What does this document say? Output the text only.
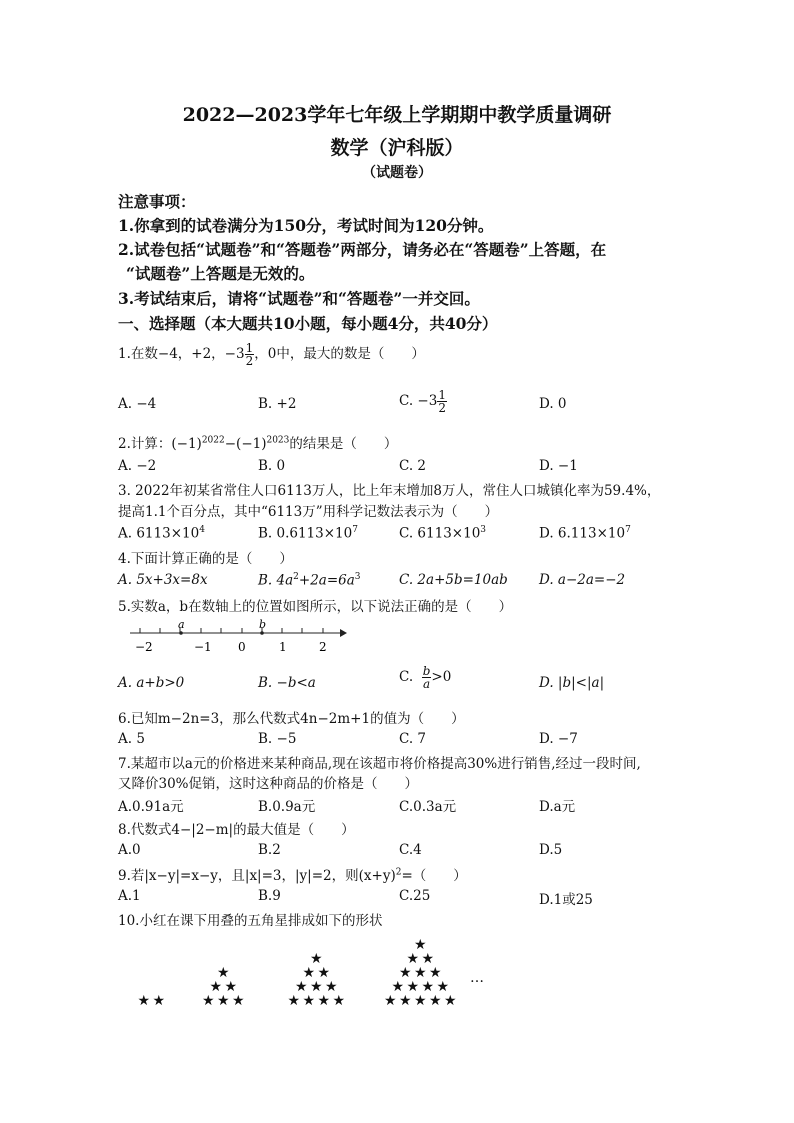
2022—2023学年七年级上学期期中教学质量调研
数学（沪科版）
（试题卷）
注意事项：
1.你拿到的试卷满分为150分，考试时间为120分钟。
2.试卷包括“试题卷”和“答题卷”两部分，请务必在“答题卷”上答题，在
“试题卷”上答题是无效的。
3.考试结束后，请将“试题卷”和“答题卷”一并交回。
一、选择题（本大题共10小题，每小题4分，共40分）
1.在数−4，+2，$-3 \frac{1}{2}$ ，0中，最大的数是（　　）
A. −4	B. +2	C. $-3 \frac{1}{2}$	D. 0
2.计算：$(-1)^{2022}-(-1)^{2023}$的结果是（　　）
A. −2	B. 0	C. 2	D. −1
3. 2022年初某省常住人口6113万人，比上年末增加8万人，常住人口城镇化率为59.4%，
提高1.1个百分点，其中“6113万”用科学记数法表示为（　　）
A. $6113\times 10^4$	B. $0.6113\times 10^7$	C. $6113\times 10^3$	D. $6.113\times 10^7$
4.下面计算正确的是（　　）
A. 5x+3x=8x	B. $4a^2+2a=6a^3$	C. 2a+5b=10ab D. a−2a=−2
5.实数a，b在数轴上的位置如图所示，以下说法正确的是（　　）
a	b
−2	−1 0	1	2
A. a+b>0	B. −b<a	C. $\frac{b}{a} >0$	D. |b|<|a|
6.已知m−2n=3，那么代数式4n−2m+1的值为（　　）
A. 5	B. −5	C. 7	D. −7
7.某超市以a元的价格进来某种商品,现在该超市将价格提高30%进行销售,经过一段时间,
又降价30%促销，这时这种商品的价格是（　　）
A.0.91a元	B.0.9a元	C.0.3a元	D.a元
8.代数式4−|2−m|的最大值是（　　）
A.0	B.2	C.4	D.5
9.若|x−y|=x−y，且|x|=3，|y|=2，则$(x+y)^2=$（　　）
A.1	B.9	C.25	D.1或25
10.小红在课下用叠的五角星排成如下的形状
★ ★
★
★ ★
★ ★ ★
★
★ ★
★ ★ ★
★ ★ ★ ★
★
★ ★
★ ★ ★
★ ★ ★ ★
★ ★ ★ ★ ★
…
